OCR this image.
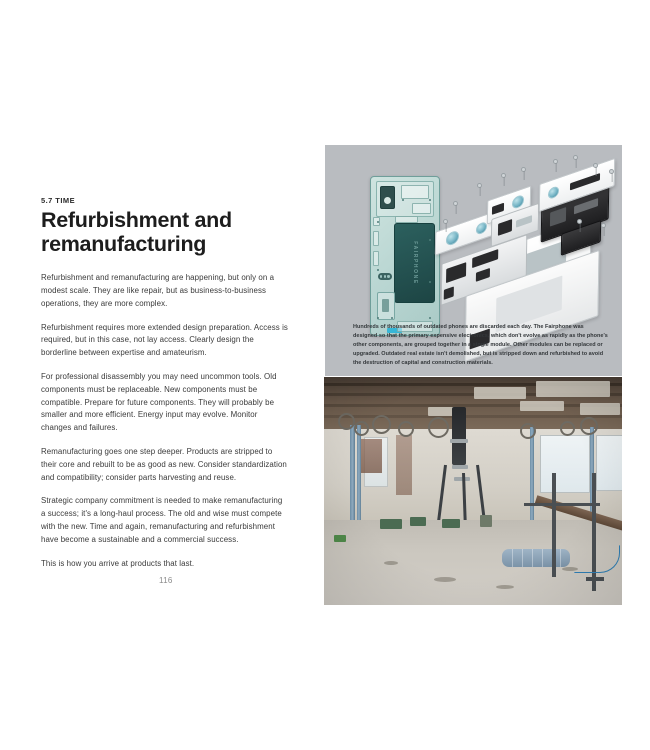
5.7 TIME

Refurbishment and
remanufacturing

Refurbishment and remanufacturing are happening, but only on a modest scale. They are like repair, but as business-to-business operations, they are more complex.

Refurbishment requires more extended design preparation. Access is required, but in this case, not lay access. Clearly design the borderline between expertise and amateurism.

For professional disassembly you may need uncommon tools. Old components must be replaceable. New components must be compatible. Prepare for future components. They will probably be smaller and more efficient. Energy input may evolve. Monitor changes and failures.

Remanufacturing goes one step deeper. Products are stripped to their core and rebuilt to be as good as new. Consider standardization and compatibility; consider parts harvesting and reuse.

Strategic company commitment is needed to make remanufacturing a success; it's a long-haul process. The old and wise must compete with the new. Time and again, remanufacturing and refurbishment have become a sustainable and a commercial success.

This is how you arrive at products that last.

116
FAIRPHONE
Hundreds of thousands of outdated phones are discarded each day. The Fairphone was designed so that the primary expensive electronics, which don't evolve as rapidly as the phone's other components, are grouped together in a single module. Other modules can be replaced or upgraded. Outdated real estate isn't demolished, but is stripped down and refurbished to avoid the destruction of capital and construction materials.
